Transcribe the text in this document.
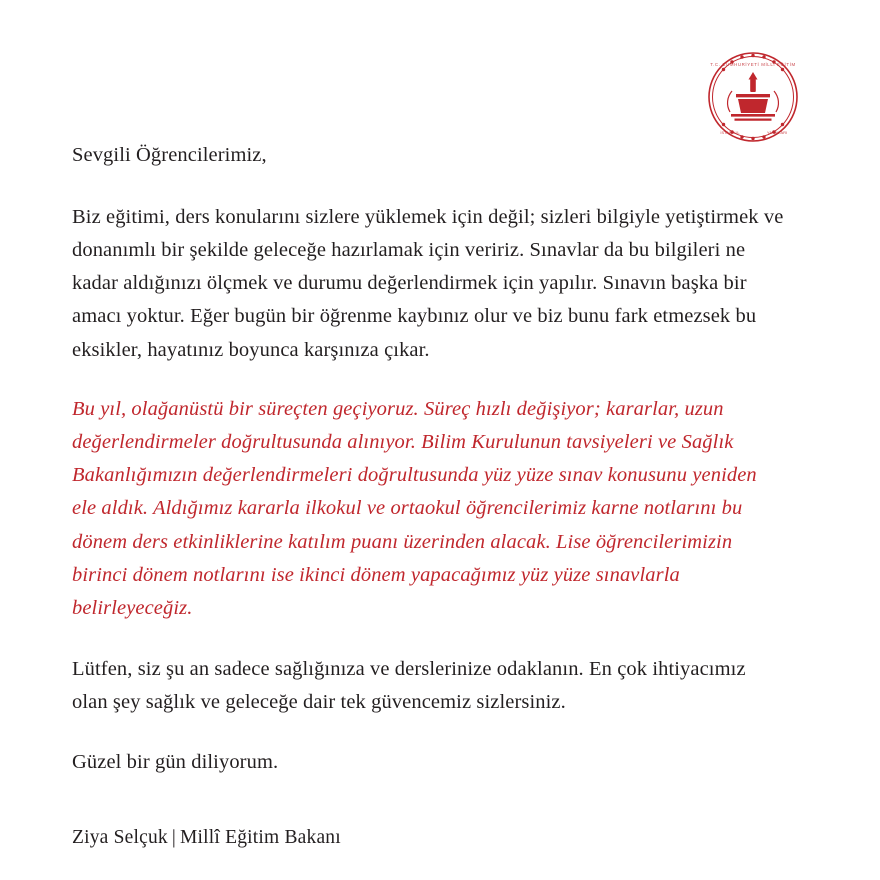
T.C. CUMHURİYETİ MİLLÎ EĞİTİM
İSTANBUL	YAYINLARI

Sevgili Öğrencilerimiz,

Biz eğitimi, ders konularını sizlere yüklemek için değil; sizleri bilgiyle yetiştirmek ve donanımlı bir şekilde geleceğe hazırlamak için veririz. Sınavlar da bu bilgileri ne kadar aldığınızı ölçmek ve durumu değerlendirmek için yapılır. Sınavın başka bir amacı yoktur. Eğer bugün bir öğrenme kaybınız olur ve biz bunu fark etmezsek bu eksikler, hayatınız boyunca karşınıza çıkar.

Bu yıl, olağanüstü bir süreçten geçiyoruz. Süreç hızlı değişiyor; kararlar, uzun değerlendirmeler doğrultusunda alınıyor. Bilim Kurulunun tavsiyeleri ve Sağlık Bakanlığımızın değerlendirmeleri doğrultusunda yüz yüze sınav konusunu yeniden ele aldık. Aldığımız kararla ilkokul ve ortaokul öğrencilerimiz karne notlarını bu dönem ders etkinliklerine katılım puanı üzerinden alacak. Lise öğrencilerimizin birinci dönem notlarını ise ikinci dönem yapacağımız yüz yüze sınavlarla belirleyeceğiz.

Lütfen, siz şu an sadece sağlığınıza ve derslerinize odaklanın. En çok ihtiyacımız olan şey sağlık ve geleceğe dair tek güvencemiz sizlersiniz.

Güzel bir gün diliyorum.

Ziya Selçuk | Millî Eğitim Bakanı
